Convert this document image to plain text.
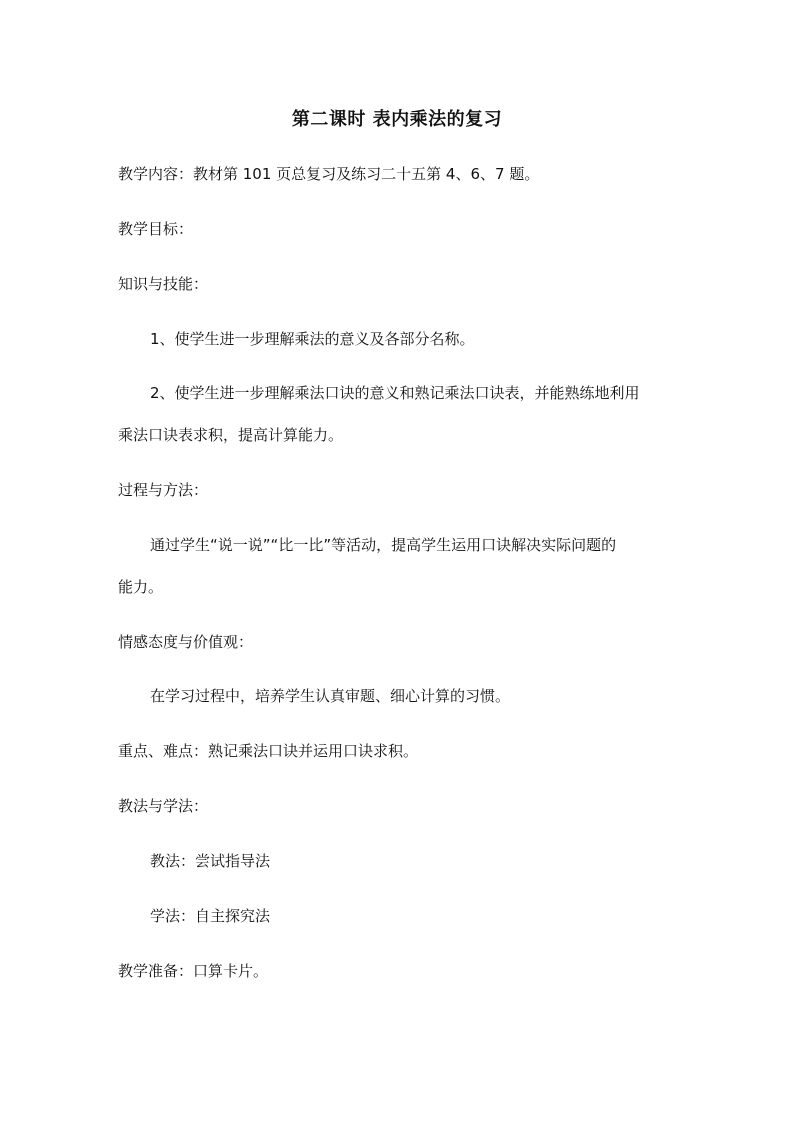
第二课时 表内乘法的复习
教学内容：教材第 101 页总复习及练习二十五第 4、6、7 题。
教学目标：
知识与技能：
1、使学生进一步理解乘法的意义及各部分名称。
2、使学生进一步理解乘法口诀的意义和熟记乘法口诀表，并能熟练地利用
乘法口诀表求积，提高计算能力。
过程与方法：
通过学生“说一说”“比一比”等活动，提高学生运用口诀解决实际问题的
能力。
情感态度与价值观：
在学习过程中，培养学生认真审题、细心计算的习惯。
重点、难点：熟记乘法口诀并运用口诀求积。
教法与学法：
教法：尝试指导法
学法：自主探究法
教学准备：口算卡片。
